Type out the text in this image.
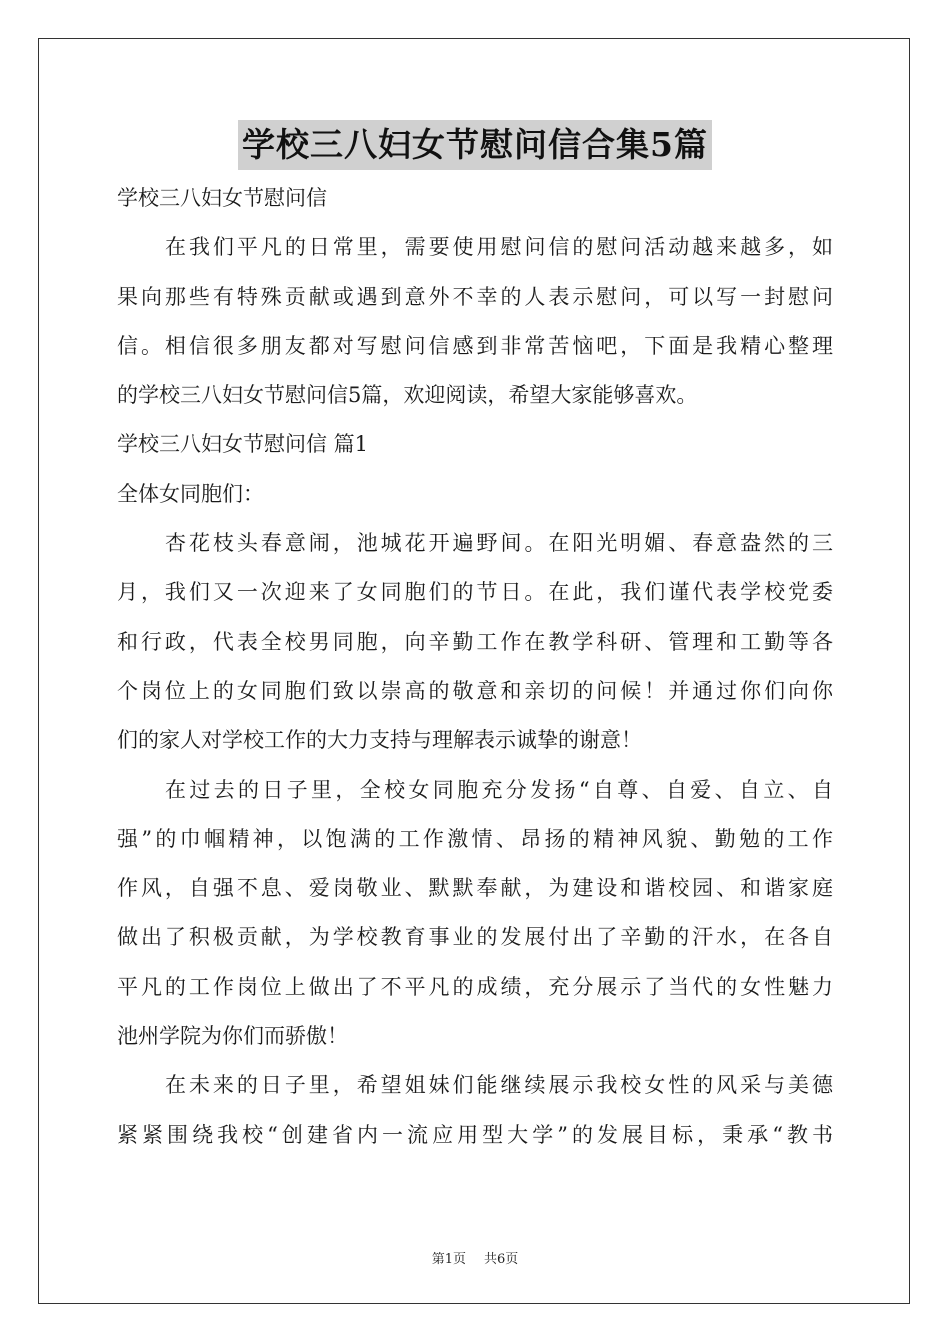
学校三八妇女节慰问信合集5篇
学校三八妇女节慰问信
在我们平凡的日常里，需要使用慰问信的慰问活动越来越多，如
果向那些有特殊贡献或遇到意外不幸的人表示慰问，可以写一封慰问
信。相信很多朋友都对写慰问信感到非常苦恼吧，下面是我精心整理
的学校三八妇女节慰问信5篇，欢迎阅读，希望大家能够喜欢。
学校三八妇女节慰问信 篇1
全体女同胞们：
杏花枝头春意闹，池城花开遍野间。在阳光明媚、春意盎然的三
月，我们又一次迎来了女同胞们的节日。在此，我们谨代表学校党委
和行政，代表全校男同胞，向辛勤工作在教学科研、管理和工勤等各
个岗位上的女同胞们致以崇高的敬意和亲切的问候！并通过你们向你
们的家人对学校工作的大力支持与理解表示诚挚的谢意！
在过去的日子里，全校女同胞充分发扬“自尊、自爱、自立、自
强”的巾帼精神，以饱满的工作激情、昂扬的精神风貌、勤勉的工作
作风，自强不息、爱岗敬业、默默奉献，为建设和谐校园、和谐家庭
做出了积极贡献，为学校教育事业的发展付出了辛勤的汗水，在各自
平凡的工作岗位上做出了不平凡的成绩，充分展示了当代的女性魅力
池州学院为你们而骄傲！
在未来的日子里，希望姐妹们能继续展示我校女性的风采与美德
紧紧围绕我校“创建省内一流应用型大学”的发展目标，秉承“教书
第1页 共6页
